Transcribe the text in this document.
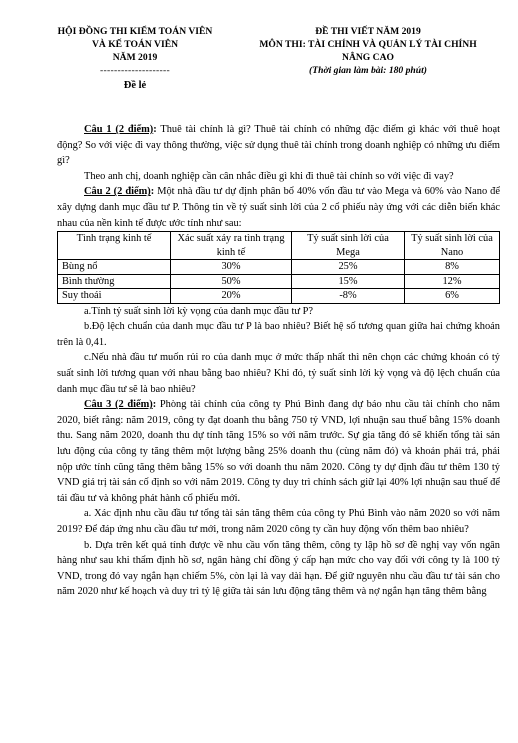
HỘI ĐỒNG THI KIỂM TOÁN VIÊN
VÀ KẾ TOÁN VIÊN
NĂM 2019
--------------------
Đề lẻ
ĐỀ THI VIẾT NĂM 2019
MÔN THI: TÀI CHÍNH VÀ QUẢN LÝ TÀI CHÍNH
NÂNG CAO
(Thời gian làm bài: 180 phút)

Câu 1 (2 điểm): Thuê tài chính là gì? Thuê tài chính có những đặc điểm gì khác với thuê hoạt động? So với việc đi vay thông thường, việc sử dụng thuê tài chính trong doanh nghiệp có những ưu điểm gì?

Theo anh chị, doanh nghiệp cần cân nhắc điều gì khi đi thuê tài chính so với việc đi vay?

Câu 2 (2 điểm): Một nhà đầu tư dự định phân bổ 40% vốn đầu tư vào Mega và 60% vào Nano để xây dựng danh mục đầu tư P. Thông tin về tỷ suất sinh lời của 2 cổ phiếu này ứng với các diễn biến khác nhau của nền kinh tế được ước tính như sau:

Tình trạng kinh tế	Xác suất xảy ra tình trạng kinh tế	Tỷ suất sinh lời của Mega	Tỷ suất sinh lời của Nano
Bùng nổ	30%	25%	8%
Bình thường	50%	15%	12%
Suy thoái	20%	-8%	6%

a.Tính tỷ suất sinh lời kỳ vọng của danh mục đầu tư P?

b.Độ lệch chuẩn của danh mục đầu tư P là bao nhiêu? Biết hệ số tương quan giữa hai chứng khoán trên là 0,41.

c.Nếu nhà đầu tư muốn rủi ro của danh mục ở mức thấp nhất thì nên chọn các chứng khoán có tỷ suất sinh lời tương quan với nhau bằng bao nhiêu? Khi đó, tỷ suất sinh lời kỳ vọng và độ lệch chuẩn của danh mục đầu tư sẽ là bao nhiêu?

Câu 3 (2 điểm): Phòng tài chính của công ty Phú Bình đang dự báo nhu cầu tài chính cho năm 2020, biết rằng: năm 2019, công ty đạt doanh thu bằng 750 tỷ VND, lợi nhuận sau thuế bằng 15% doanh thu. Sang năm 2020, doanh thu dự tính tăng 15% so với năm trước. Sự gia tăng đó sẽ khiến tổng tài sản lưu động của công ty tăng thêm một lượng bằng 25% doanh thu (cùng năm đó) và khoản phải trả, phải nộp ước tính cũng tăng thêm bằng 15% so với doanh thu năm 2020. Công ty dự định đầu tư thêm 130 tỷ VND giá trị tài sản cố định so với năm 2019. Công ty duy trì chính sách giữ lại 40% lợi nhuận sau thuế để tái đầu tư và không phát hành cổ phiếu mới.

a. Xác định nhu cầu đầu tư tổng tài sản tăng thêm của công ty Phú Bình vào năm 2020 so với năm 2019? Để đáp ứng nhu cầu đầu tư mới, trong năm 2020 công ty cần huy động vốn thêm bao nhiêu?

b. Dựa trên kết quả tính được về nhu cầu vốn tăng thêm, công ty lập hồ sơ đề nghị vay vốn ngân hàng như sau khi thẩm định hồ sơ, ngân hàng chỉ đồng ý cấp hạn mức cho vay đối với công ty là 100 tỷ VND, trong đó vay ngắn hạn chiếm 5%, còn lại là vay dài hạn. Để giữ nguyên nhu cầu đầu tư tài sản cho năm 2020 như kế hoạch và duy trì tỷ lệ giữa tài sản lưu động tăng thêm và nợ ngắn hạn tăng thêm bằng
